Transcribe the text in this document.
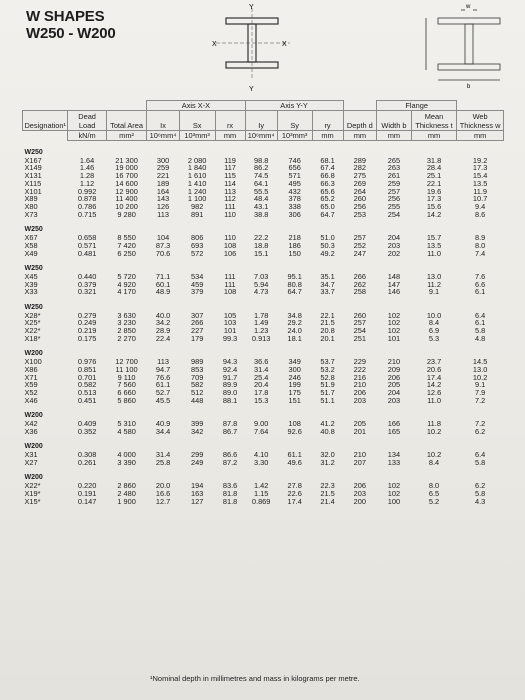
W SHAPES
W250 - W200
X	X
Y
Y
w
b
			Axis X-X			Axis Y-Y				Flange		
Designation¹	Dead Load	Total Area	Ix	Sx	rx	Iy	Sy	ry	Depth d	Width b	Mean Thickness t	Web Thickness w
	kN/m	mm²	10⁶mm⁴	10³mm³	mm	10⁶mm⁴	10³mm³	mm	mm	mm	mm	mm

W250												
X167	1.64	21 300	300	2 080	119	98.8	746	68.1	289	265	31.8	19.2
X149	1.46	19 000	259	1 840	117	86.2	656	67.4	282	263	28.4	17.3
X131	1.28	16 700	221	1 610	115	74.5	571	66.8	275	261	25.1	15.4
X115	1.12	14 600	189	1 410	114	64.1	495	66.3	269	259	22.1	13.5
X101	0.992	12 900	164	1 240	113	55.5	432	65.6	264	257	19.6	11.9
X89	0.878	11 400	143	1 100	112	48.4	378	65.2	260	256	17.3	10.7
X80	0.786	10 200	126	982	111	43.1	338	65.0	256	255	15.6	9.4
X73	0.715	9 280	113	891	110	38.8	306	64.7	253	254	14.2	8.6

W250												
X67	0.658	8 550	104	806	110	22.2	218	51.0	257	204	15.7	8.9
X58	0.571	7 420	87.3	693	108	18.8	186	50.3	252	203	13.5	8.0
X49	0.481	6 250	70.6	572	106	15.1	150	49.2	247	202	11.0	7.4

W250												
X45	0.440	5 720	71.1	534	111	7.03	95.1	35.1	266	148	13.0	7.6
X39	0.379	4 920	60.1	459	111	5.94	80.8	34.7	262	147	11.2	6.6
X33	0.321	4 170	48.9	379	108	4.73	64.7	33.7	258	146	9.1	6.1

W250												
X28*	0.279	3 630	40.0	307	105	1.78	34.8	22.1	260	102	10.0	6.4
X25*	0.249	3 230	34.2	266	103	1.49	29.2	21.5	257	102	8.4	6.1
X22*	0.219	2 850	28.9	227	101	1.23	24.0	20.8	254	102	6.9	5.8
X18*	0.175	2 270	22.4	179	99.3	0.913	18.1	20.1	251	101	5.3	4.8

W200												
X100	0.976	12 700	113	989	94.3	36.6	349	53.7	229	210	23.7	14.5
X86	0.851	11 100	94.7	853	92.4	31.4	300	53.2	222	209	20.6	13.0
X71	0.701	9 110	76.6	709	91.7	25.4	246	52.8	216	206	17.4	10.2
X59	0.582	7 560	61.1	582	89.9	20.4	199	51.9	210	205	14.2	9.1
X52	0.513	6 660	52.7	512	89.0	17.8	175	51.7	206	204	12.6	7.9
X46	0.451	5 860	45.5	448	88.1	15.3	151	51.1	203	203	11.0	7.2

W200												
X42	0.409	5 310	40.9	399	87.8	9.00	108	41.2	205	166	11.8	7.2
X36	0.352	4 580	34.4	342	86.7	7.64	92.6	40.8	201	165	10.2	6.2

W200												
X31	0.308	4 000	31.4	299	86.6	4.10	61.1	32.0	210	134	10.2	6.4
X27	0.261	3 390	25.8	249	87.2	3.30	49.6	31.2	207	133	8.4	5.8

W200												
X22*	0.220	2 860	20.0	194	83.6	1.42	27.8	22.3	206	102	8.0	6.2
X19*	0.191	2 480	16.6	163	81.8	1.15	22.6	21.5	203	102	6.5	5.8
X15*	0.147	1 900	12.7	127	81.8	0.869	17.4	21.4	200	100	5.2	4.3
¹Nominal depth in millimetres and mass in kilograms per metre.
